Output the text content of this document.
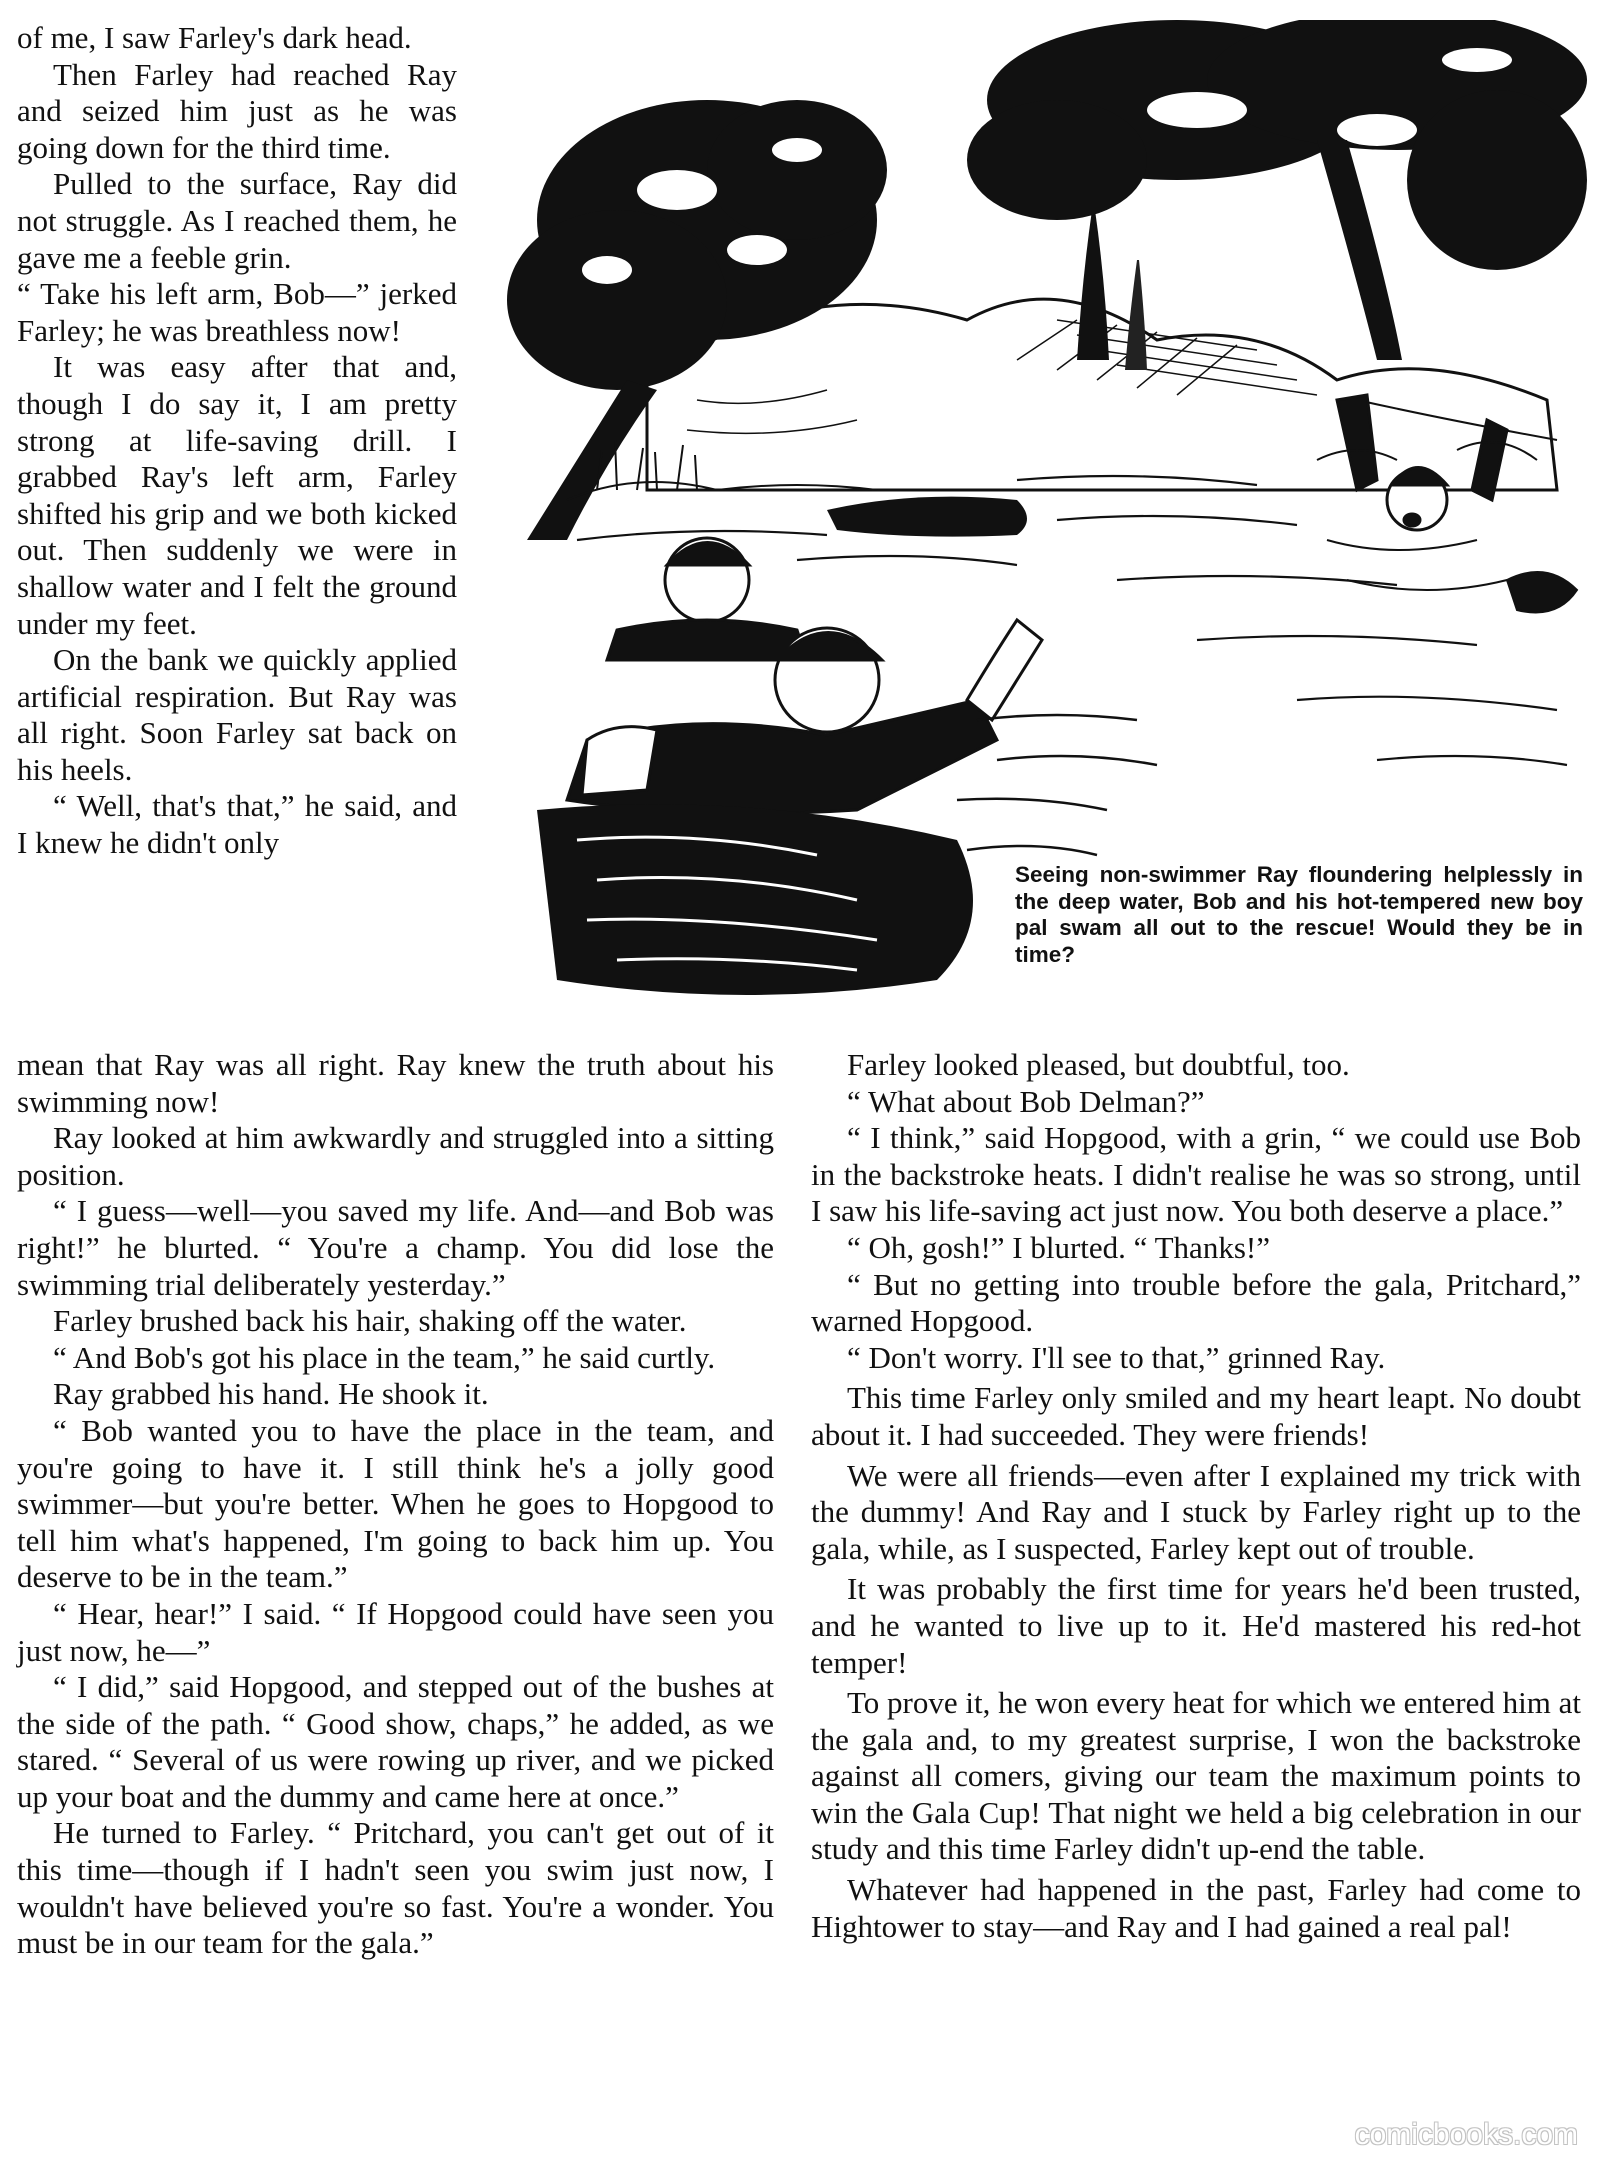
of me, I saw Farley's dark head.

Then Farley had reached Ray and seized him just as he was going down for the third time.

Pulled to the surface, Ray did not struggle. As I reached them, he gave me a feeble grin.

“ Take his left arm, Bob—” jerked Farley; he was breathless now!

It was easy after that and, though I do say it, I am pretty strong at life-saving drill. I grabbed Ray's left arm, Farley shifted his grip and we both kicked out. Then suddenly we were in shallow water and I felt the ground under my feet.

On the bank we quickly applied artificial respiration. But Ray was all right. Soon Farley sat back on his heels.

“ Well, that's that,” he said, and I knew he didn't only

Seeing non-swimmer Ray floundering helplessly in the deep water, Bob and his hot-tempered new boy pal swam all out to the rescue! Would they be in time?

mean that Ray was all right. Ray knew the truth about his swimming now!

Ray looked at him awkwardly and struggled into a sitting position.

“ I guess—well—you saved my life. And—and Bob was right!” he blurted. “ You're a champ. You did lose the swimming trial deliberately yesterday.”

Farley brushed back his hair, shaking off the water.

“ And Bob's got his place in the team,” he said curtly.

Ray grabbed his hand. He shook it.

“ Bob wanted you to have the place in the team, and you're going to have it. I still think he's a jolly good swimmer—but you're better. When he goes to Hopgood to tell him what's happened, I'm going to back him up. You deserve to be in the team.”

“ Hear, hear!” I said. “ If Hopgood could have seen you just now, he—”

“ I did,” said Hopgood, and stepped out of the bushes at the side of the path. “ Good show, chaps,” he added, as we stared. “ Several of us were rowing up river, and we picked up your boat and the dummy and came here at once.”

He turned to Farley. “ Pritchard, you can't get out of it this time—though if I hadn't seen you swim just now, I wouldn't have believed you're so fast. You're a wonder. You must be in our team for the gala.”

Farley looked pleased, but doubtful, too.

“ What about Bob Delman?”

“ I think,” said Hopgood, with a grin, “ we could use Bob in the backstroke heats. I didn't realise he was so strong, until I saw his life-saving act just now. You both deserve a place.”

“ Oh, gosh!” I blurted. “ Thanks!”

“ But no getting into trouble before the gala, Pritchard,” warned Hopgood.

“ Don't worry. I'll see to that,” grinned Ray.

This time Farley only smiled and my heart leapt. No doubt about it. I had succeeded. They were friends!

We were all friends—even after I explained my trick with the dummy! And Ray and I stuck by Farley right up to the gala, while, as I suspected, Farley kept out of trouble.

It was probably the first time for years he'd been trusted, and he wanted to live up to it. He'd mastered his red-hot temper!

To prove it, he won every heat for which we entered him at the gala and, to my greatest surprise, I won the backstroke against all comers, giving our team the maximum points to win the Gala Cup! That night we held a big celebration in our study and this time Farley didn't up-end the table.

Whatever had happened in the past, Farley had come to Hightower to stay—and Ray and I had gained a real pal!

comicbooks.com
